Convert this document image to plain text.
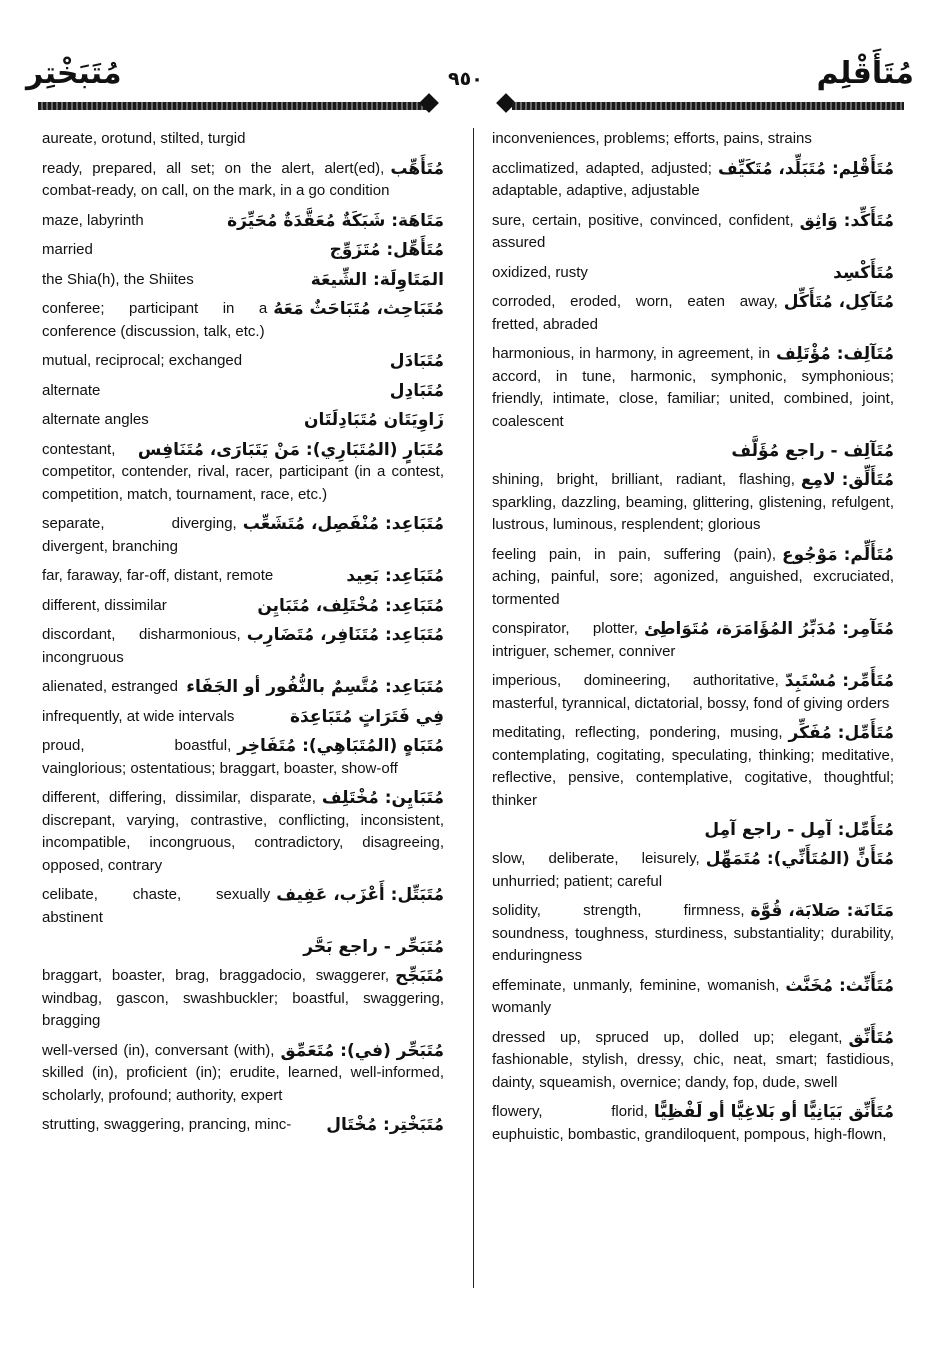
مُتَبَخْتِر	٩٥٠	مُتَأَقْلِم
aureate, orotund, stilted, turgid
مُتَأَهِّب
ready, prepared, all set; on the alert, alert(ed), combat-ready, on call, on the mark, in a go condition
مَتَاهَة: شَبَكَةٌ مُعَقَّدَةٌ مُحَيِّرَة
maze, labyrinth
مُتَأَهِّل: مُتَزَوِّج
married
المَتَاوِلَة: الشِّيعَة
the Shia(h), the Shiites
مُتَبَاحِث، مُتَبَاحَثٌ مَعَهُ
conferee; participant in a conference (discussion, talk, etc.)
مُتَبَادَل
mutual, reciprocal; exchanged
مُتَبَادِل
alternate
زَاوِيَتَان مُتَبَادِلَتَان
alternate angles
مُتَبَارٍ (المُتَبَارِي): مَنْ يَتَبَارَى، مُتَنَافِس
contestant, competitor, contender, rival, racer, participant (in a contest, competition, match, tournament, race, etc.)
مُتَبَاعِد: مُنْفَصِل، مُتَشَعِّب
separate, diverging, divergent, branching
مُتَبَاعِد: بَعِيد
far, faraway, far-off, distant, remote
مُتَبَاعِد: مُخْتَلِف، مُتَبَايِن
different, dissimilar
مُتَبَاعِد: مُتَنَافِر، مُتَضَارِب
discordant, disharmonious, incongruous
مُتَبَاعِد: مُتَّسِمٌ بالنُّفُور أو الجَفَاء
alienated, estranged
فِي فَتَرَاتٍ مُتَبَاعِدَة
infrequently, at wide intervals
مُتَبَاهٍ (المُتَبَاهِي): مُتَفَاخِر
proud, boastful, vainglorious; ostentatious; braggart, boaster, show-off
مُتَبَايِن: مُخْتَلِف
different, differing, dissimilar, disparate, discrepant, varying, contrastive, conflicting, inconsistent, incompatible, incongruous, contradictory, disagreeing, opposed, contrary
مُتَبَتِّل: أَعْزَب، عَفِيف
celibate, chaste, sexually abstinent
مُتَبَحِّر - راجع بَحَّر
مُتَبَجِّح
braggart, boaster, brag, braggadocio, swaggerer, windbag, gascon, swashbuckler; boastful, swaggering, bragging
مُتَبَحِّر (في): مُتَعَمِّق
well-versed (in), conversant (with), skilled (in), proficient (in); erudite, learned, well-informed, scholarly, profound; authority, expert
مُتَبَخْتِر: مُخْتَال
strutting, swaggering, prancing, minc-
inconveniences, problems; efforts, pains, strains
مُتَأَقْلِم: مُتَبَلِّد، مُتَكَيِّف
acclimatized, adapted, adjusted; adaptable, adaptive, adjustable
مُتَأَكِّد: وَاثِق
sure, certain, positive, convinced, confident, assured
مُتَأَكْسِد
oxidized, rusty
مُتَآكِل، مُتَأَكِّل
corroded, eroded, worn, eaten away, fretted, abraded
مُتَآلِف: مُؤْتَلِف
harmonious, in harmony, in agreement, in accord, in tune, harmonic, symphonic, symphonious; friendly, intimate, close, familiar; united, combined, joint, coalescent
مُتَآلِف - راجع مُؤَلَّف
مُتَأَلِّق: لامِع
shining, bright, brilliant, radiant, flashing, sparkling, dazzling, beaming, glittering, glistening, refulgent, lustrous, luminous, resplendent; glorious
مُتَأَلِّم: مَوْجُوع
feeling pain, in pain, suffering (pain), aching, painful, sore; agonized, anguished, excruciated, tormented
مُتَآمِر: مُدَبِّرُ المُؤَامَرَة، مُتَوَاطِئ
conspirator, plotter, intriguer, schemer, conniver
مُتَأَمِّر: مُسْتَبِدّ
imperious, domineering, authoritative, masterful, tyrannical, dictatorial, bossy, fond of giving orders
مُتَأَمِّل: مُفَكِّر
meditating, reflecting, pondering, musing, contemplating, cogitating, speculating, thinking; meditative, reflective, pensive, contemplative, cogitative, thoughtful; thinker
مُتَأَمِّل: آمِل - راجع آمِل
مُتَأَنٍّ (المُتَأَنِّي): مُتَمَهِّل
slow, deliberate, leisurely, unhurried; patient; careful
مَتَانَة: صَلابَة، قُوَّة
solidity, strength, firmness, soundness, toughness, sturdiness, substantiality; durability, enduringness
مُتَأَنِّث: مُخَنَّث
effeminate, unmanly, feminine, womanish, womanly
مُتَأَنِّق
dressed up, spruced up, dolled up; elegant, fashionable, stylish, dressy, chic, neat, smart; fastidious, dainty, squeamish, overnice; dandy, fop, dude, swell
مُتَأَنِّق بَيَانِيًّا أو بَلاغِيًّا أو لَفْظِيًّا
flowery, florid, euphuistic, bombastic, grandiloquent, pompous, high-flown,
